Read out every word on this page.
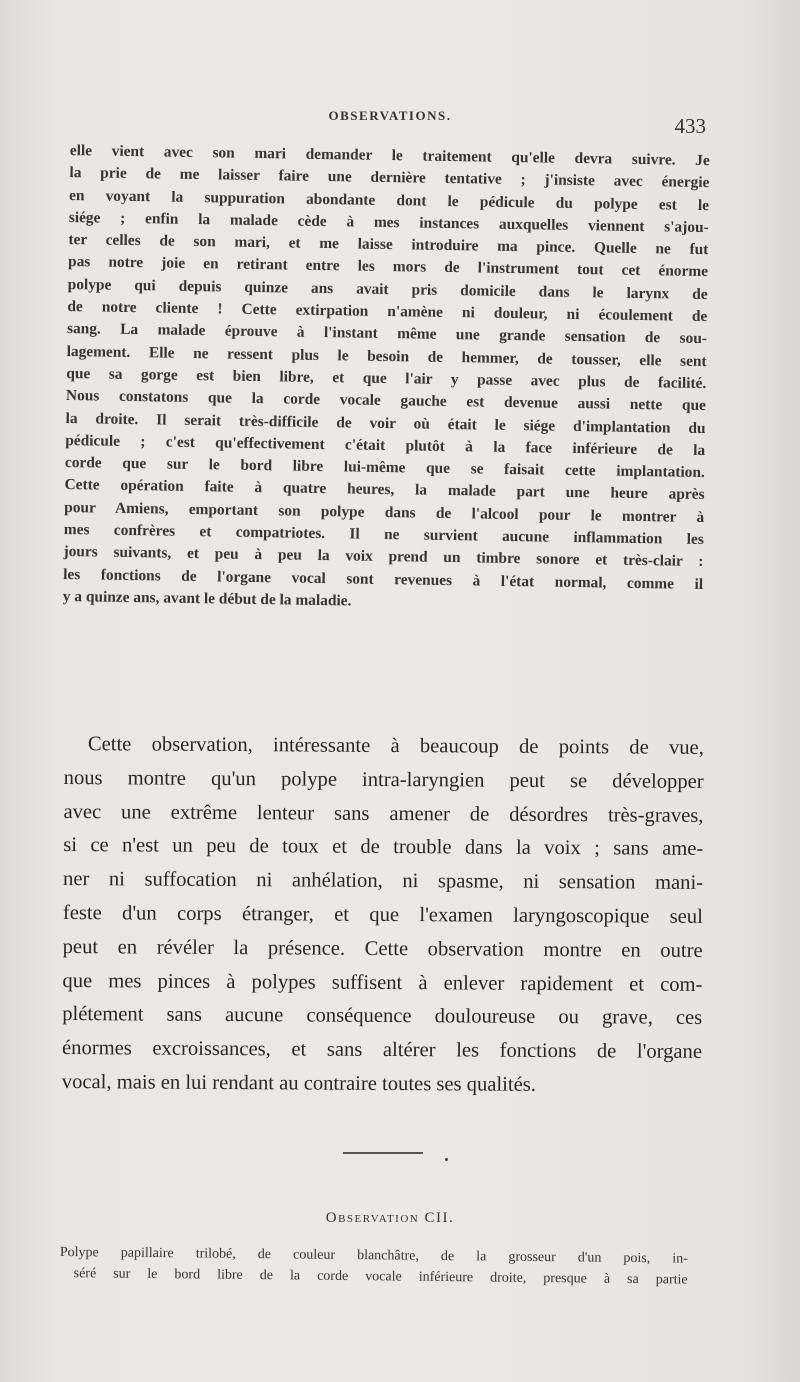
OBSERVATIONS.	433
elle vient avec son mari demander le traitement qu'elle devra suivre. Je
la prie de me laisser faire une dernière tentative ; j'insiste avec énergie
en voyant la suppuration abondante dont le pédicule du polype est le
siége ; enfin la malade cède à mes instances auxquelles viennent s'ajou-
ter celles de son mari, et me laisse introduire ma pince. Quelle ne fut
pas notre joie en retirant entre les mors de l'instrument tout cet énorme
polype qui depuis quinze ans avait pris domicile dans le larynx de
de notre cliente ! Cette extirpation n'amène ni douleur, ni écoulement de
sang. La malade éprouve à l'instant même une grande sensation de sou-
lagement. Elle ne ressent plus le besoin de hemmer, de tousser, elle sent
que sa gorge est bien libre, et que l'air y passe avec plus de facilité.
Nous constatons que la corde vocale gauche est devenue aussi nette que
la droite. Il serait très-difficile de voir où était le siége d'implantation du
pédicule ; c'est qu'effectivement c'était plutôt à la face inférieure de la
corde que sur le bord libre lui-même que se faisait cette implantation.
Cette opération faite à quatre heures, la malade part une heure après
pour Amiens, emportant son polype dans de l'alcool pour le montrer à
mes confrères et compatriotes. Il ne survient aucune inflammation les
jours suivants, et peu à peu la voix prend un timbre sonore et très-clair :
les fonctions de l'organe vocal sont revenues à l'état normal, comme il
y a quinze ans, avant le début de la maladie.
Cette observation, intéressante à beaucoup de points de vue,
nous montre qu'un polype intra-laryngien peut se développer
avec une extrême lenteur sans amener de désordres très-graves,
si ce n'est un peu de toux et de trouble dans la voix ; sans ame-
ner ni suffocation ni anhélation, ni spasme, ni sensation mani-
feste d'un corps étranger, et que l'examen laryngoscopique seul
peut en révéler la présence. Cette observation montre en outre
que mes pinces à polypes suffisent à enlever rapidement et com-
plétement sans aucune conséquence douloureuse ou grave, ces
énormes excroissances, et sans altérer les fonctions de l'organe
vocal, mais en lui rendant au contraire toutes ses qualités.
Observation CII.
Polype papillaire trilobé, de couleur blanchâtre, de la grosseur d'un pois, in-
séré sur le bord libre de la corde vocale inférieure droite, presque à sa partie
